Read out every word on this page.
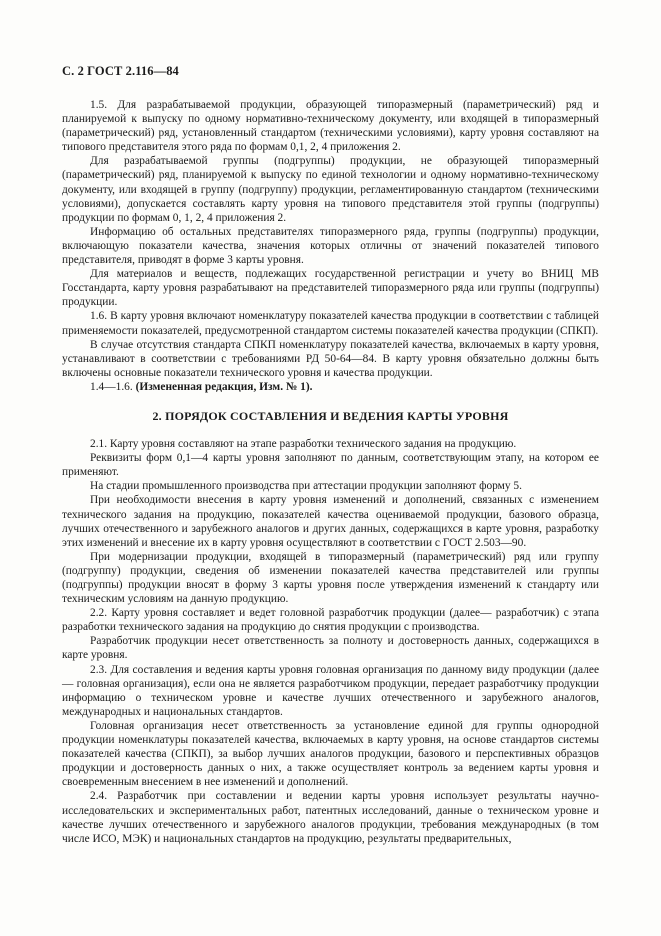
С. 2 ГОСТ 2.116—84

1.5. Для разрабатываемой продукции, образующей типоразмерный (параметрический) ряд и планируемой к выпуску по одному нормативно-техническому документу, или входящей в типоразмерный (параметрический) ряд, установленный стандартом (техническими условиями), карту уровня составляют на типового представителя этого ряда по формам 0,1, 2, 4 приложения 2.

Для разрабатываемой группы (подгруппы) продукции, не образующей типоразмерный (параметрический) ряд, планируемой к выпуску по единой технологии и одному нормативно-техническому документу, или входящей в группу (подгруппу) продукции, регламентированную стандартом (техническими условиями), допускается составлять карту уровня на типового представителя этой группы (подгруппы) продукции по формам 0, 1, 2, 4 приложения 2.

Информацию об остальных представителях типоразмерного ряда, группы (подгруппы) продукции, включающую показатели качества, значения которых отличны от значений показателей типового представителя, приводят в форме 3 карты уровня.

Для материалов и веществ, подлежащих государственной регистрации и учету во ВНИЦ МВ Госстандарта, карту уровня разрабатывают на представителей типоразмерного ряда или группы (подгруппы) продукции.

1.6. В карту уровня включают номенклатуру показателей качества продукции в соответствии с таблицей применяемости показателей, предусмотренной стандартом системы показателей качества продукции (СПКП).

В случае отсутствия стандарта СПКП номенклатуру показателей качества, включаемых в карту уровня, устанавливают в соответствии с требованиями РД 50-64—84. В карту уровня обязательно должны быть включены основные показатели технического уровня и качества продукции.

1.4—1.6. (Измененная редакция, Изм. № 1).

2. ПОРЯДОК СОСТАВЛЕНИЯ И ВЕДЕНИЯ КАРТЫ УРОВНЯ

2.1. Карту уровня составляют на этапе разработки технического задания на продукцию.

Реквизиты форм 0,1—4 карты уровня заполняют по данным, соответствующим этапу, на котором ее применяют.

На стадии промышленного производства при аттестации продукции заполняют форму 5.

При необходимости внесения в карту уровня изменений и дополнений, связанных с изменением технического задания на продукцию, показателей качества оцениваемой продукции, базового образца, лучших отечественного и зарубежного аналогов и других данных, содержащихся в карте уровня, разработку этих изменений и внесение их в карту уровня осуществляют в соответствии с ГОСТ 2.503—90.

При модернизации продукции, входящей в типоразмерный (параметрический) ряд или группу (подгруппу) продукции, сведения об изменении показателей качества представителей или группы (подгруппы) продукции вносят в форму 3 карты уровня после утверждения изменений к стандарту или техническим условиям на данную продукцию.

2.2. Карту уровня составляет и ведет головной разработчик продукции (далее— разработчик) с этапа разработки технического задания на продукцию до снятия продукции с производства.

Разработчик продукции несет ответственность за полноту и достоверность данных, содержащихся в карте уровня.

2.3. Для составления и ведения карты уровня головная организация по данному виду продукции (далее — головная организация), если она не является разработчиком продукции, передает разработчику продукции информацию о техническом уровне и качестве лучших отечественного и зарубежного аналогов, международных и национальных стандартов.

Головная организация несет ответственность за установление единой для группы однородной продукции номенклатуры показателей качества, включаемых в карту уровня, на основе стандартов системы показателей качества (СПКП), за выбор лучших аналогов продукции, базового и перспективных образцов продукции и достоверность данных о них, а также осуществляет контроль за ведением карты уровня и своевременным внесением в нее изменений и дополнений.

2.4. Разработчик при составлении и ведении карты уровня использует результаты научно-исследовательских и экспериментальных работ, патентных исследований, данные о техническом уровне и качестве лучших отечественного и зарубежного аналогов продукции, требования международных (в том числе ИСО, МЭК) и национальных стандартов на продукцию, результаты предварительных,
